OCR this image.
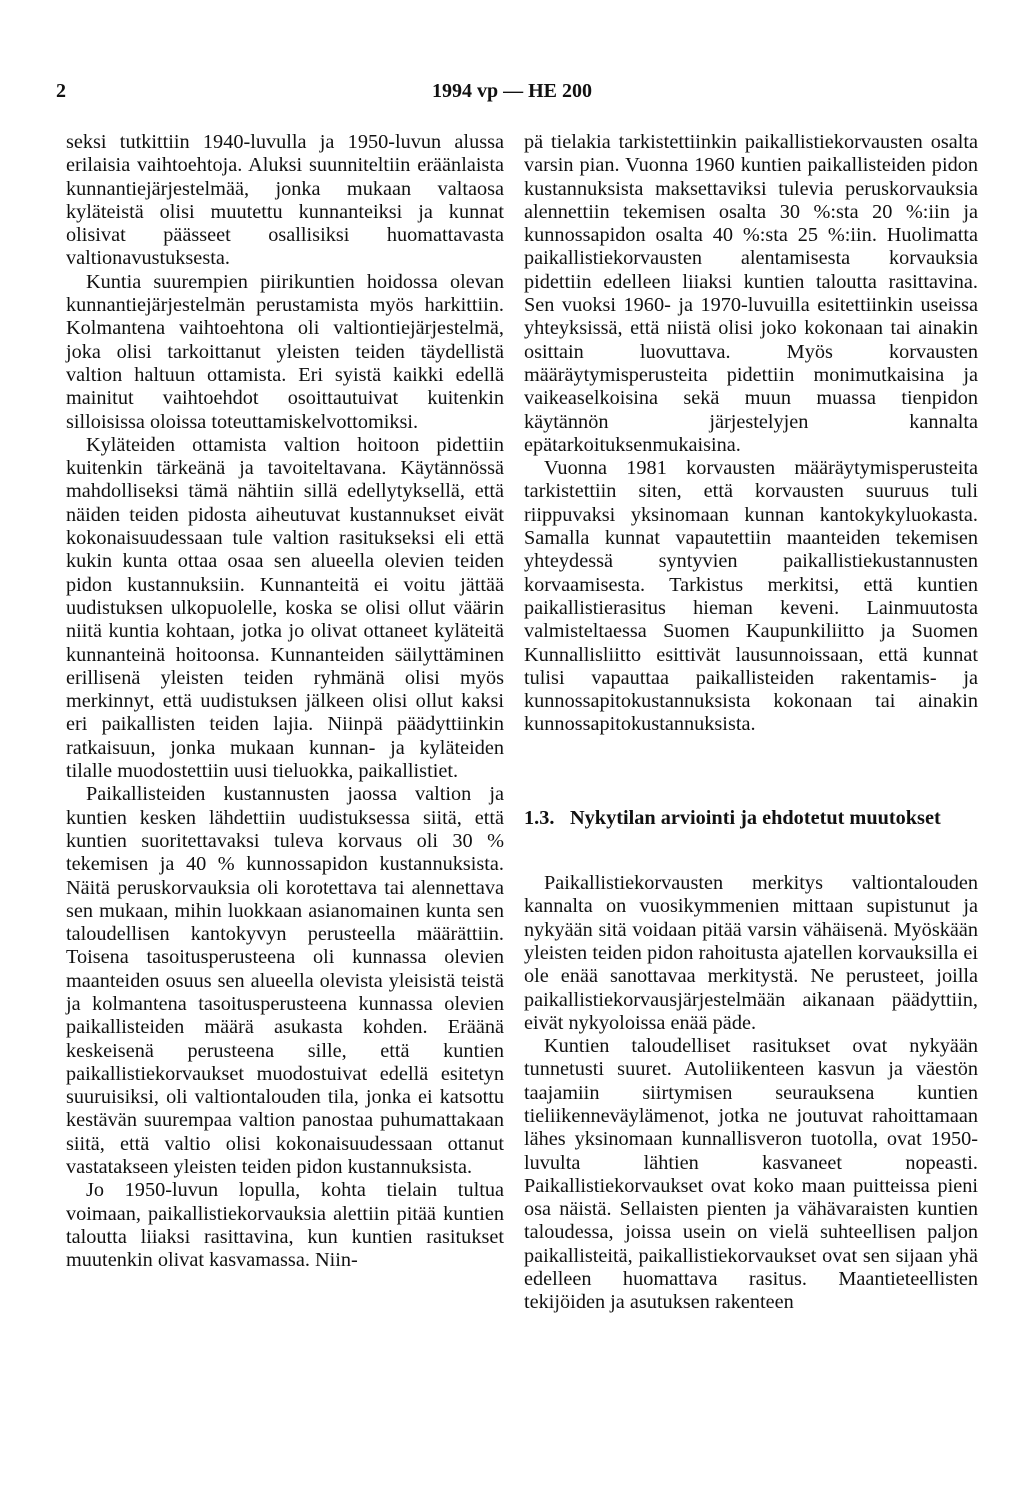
2	1994 vp — HE 200

seksi tutkittiin 1940-luvulla ja 1950-luvun alussa erilaisia vaihtoehtoja. Aluksi suunniteltiin eräänlaista kunnantiejärjestelmää, jonka mukaan valtaosa kyläteistä olisi muutettu kunnanteiksi ja kunnat olisivat päässeet osallisiksi huomattavasta valtionavustuksesta.

Kuntia suurempien piirikuntien hoidossa olevan kunnantiejärjestelmän perustamista myös harkittiin. Kolmantena vaihtoehtona oli valtiontiejärjestelmä, joka olisi tarkoittanut yleisten teiden täydellistä valtion haltuun ottamista. Eri syistä kaikki edellä mainitut vaihtoehdot osoittautuivat kuitenkin silloisissa oloissa toteuttamiskelvottomiksi.

Kyläteiden ottamista valtion hoitoon pidettiin kuitenkin tärkeänä ja tavoiteltavana. Käytännössä mahdolliseksi tämä nähtiin sillä edellytyksellä, että näiden teiden pidosta aiheutuvat kustannukset eivät kokonaisuudessaan tule valtion rasitukseksi eli että kukin kunta ottaa osaa sen alueella olevien teiden pidon kustannuksiin. Kunnanteitä ei voitu jättää uudistuksen ulkopuolelle, koska se olisi ollut väärin niitä kuntia kohtaan, jotka jo olivat ottaneet kyläteitä kunnanteinä hoitoonsa. Kunnanteiden säilyttäminen erillisenä yleisten teiden ryhmänä olisi myös merkinnyt, että uudistuksen jälkeen olisi ollut kaksi eri paikallisten teiden lajia. Niinpä päädyttiinkin ratkaisuun, jonka mukaan kunnan- ja kyläteiden tilalle muodostettiin uusi tieluokka, paikallistiet.

Paikallisteiden kustannusten jaossa valtion ja kuntien kesken lähdettiin uudistuksessa siitä, että kuntien suoritettavaksi tuleva korvaus oli 30 % tekemisen ja 40 % kunnossapidon kustannuksista. Näitä peruskorvauksia oli korotettava tai alennettava sen mukaan, mihin luokkaan asianomainen kunta sen taloudellisen kantokyvyn perusteella määrättiin. Toisena tasoitusperusteena oli kunnassa olevien maanteiden osuus sen alueella olevista yleisistä teistä ja kolmantena tasoitusperusteena kunnassa olevien paikallisteiden määrä asukasta kohden. Eräänä keskeisenä perusteena sille, että kuntien paikallistiekorvaukset muodostuivat edellä esitetyn suuruisiksi, oli valtiontalouden tila, jonka ei katsottu kestävän suurempaa valtion panostaa puhumattakaan siitä, että valtio olisi kokonaisuudessaan ottanut vastatakseen yleisten teiden pidon kustannuksista.

Jo 1950-luvun lopulla, kohta tielain tultua voimaan, paikallistiekorvauksia alettiin pitää kuntien taloutta liiaksi rasittavina, kun kuntien rasitukset muutenkin olivat kasvamassa. Niin-

pä tielakia tarkistettiinkin paikallistiekorvausten osalta varsin pian. Vuonna 1960 kuntien paikallisteiden pidon kustannuksista maksettaviksi tulevia peruskorvauksia alennettiin tekemisen osalta 30 %:sta 20 %:iin ja kunnossapidon osalta 40 %:sta 25 %:iin. Huolimatta paikallistiekorvausten alentamisesta korvauksia pidettiin edelleen liiaksi kuntien taloutta rasittavina. Sen vuoksi 1960- ja 1970-luvuilla esitettiinkin useissa yhteyksissä, että niistä olisi joko kokonaan tai ainakin osittain luovuttava. Myös korvausten määräytymisperusteita pidettiin monimutkaisina ja vaikeaselkoisina sekä muun muassa tienpidon käytännön järjestelyjen kannalta epätarkoituksenmukaisina.

Vuonna 1981 korvausten määräytymisperusteita tarkistettiin siten, että korvausten suuruus tuli riippuvaksi yksinomaan kunnan kantokykyluokasta. Samalla kunnat vapautettiin maanteiden tekemisen yhteydessä syntyvien paikallistiekustannusten korvaamisesta. Tarkistus merkitsi, että kuntien paikallistierasitus hieman keveni. Lainmuutosta valmisteltaessa Suomen Kaupunkiliitto ja Suomen Kunnallisliitto esittivät lausunnoissaan, että kunnat tulisi vapauttaa paikallisteiden rakentamis- ja kunnossapitokustannuksista kokonaan tai ainakin kunnossapitokustannuksista.

1.3. Nykytilan arviointi ja ehdotetut muutokset

Paikallistiekorvausten merkitys valtiontalouden kannalta on vuosikymmenien mittaan supistunut ja nykyään sitä voidaan pitää varsin vähäisenä. Myöskään yleisten teiden pidon rahoitusta ajatellen korvauksilla ei ole enää sanottavaa merkitystä. Ne perusteet, joilla paikallistiekorvausjärjestelmään aikanaan päädyttiin, eivät nykyoloissa enää päde.

Kuntien taloudelliset rasitukset ovat nykyään tunnetusti suuret. Autoliikenteen kasvun ja väestön taajamiin siirtymisen seurauksena kuntien tieliikenneväylämenot, jotka ne joutuvat rahoittamaan lähes yksinomaan kunnallisveron tuotolla, ovat 1950-luvulta lähtien kasvaneet nopeasti. Paikallistiekorvaukset ovat koko maan puitteissa pieni osa näistä. Sellaisten pienten ja vähävaraisten kuntien taloudessa, joissa usein on vielä suhteellisen paljon paikallisteitä, paikallistiekorvaukset ovat sen sijaan yhä edelleen huomattava rasitus. Maantieteellisten tekijöiden ja asutuksen rakenteen
